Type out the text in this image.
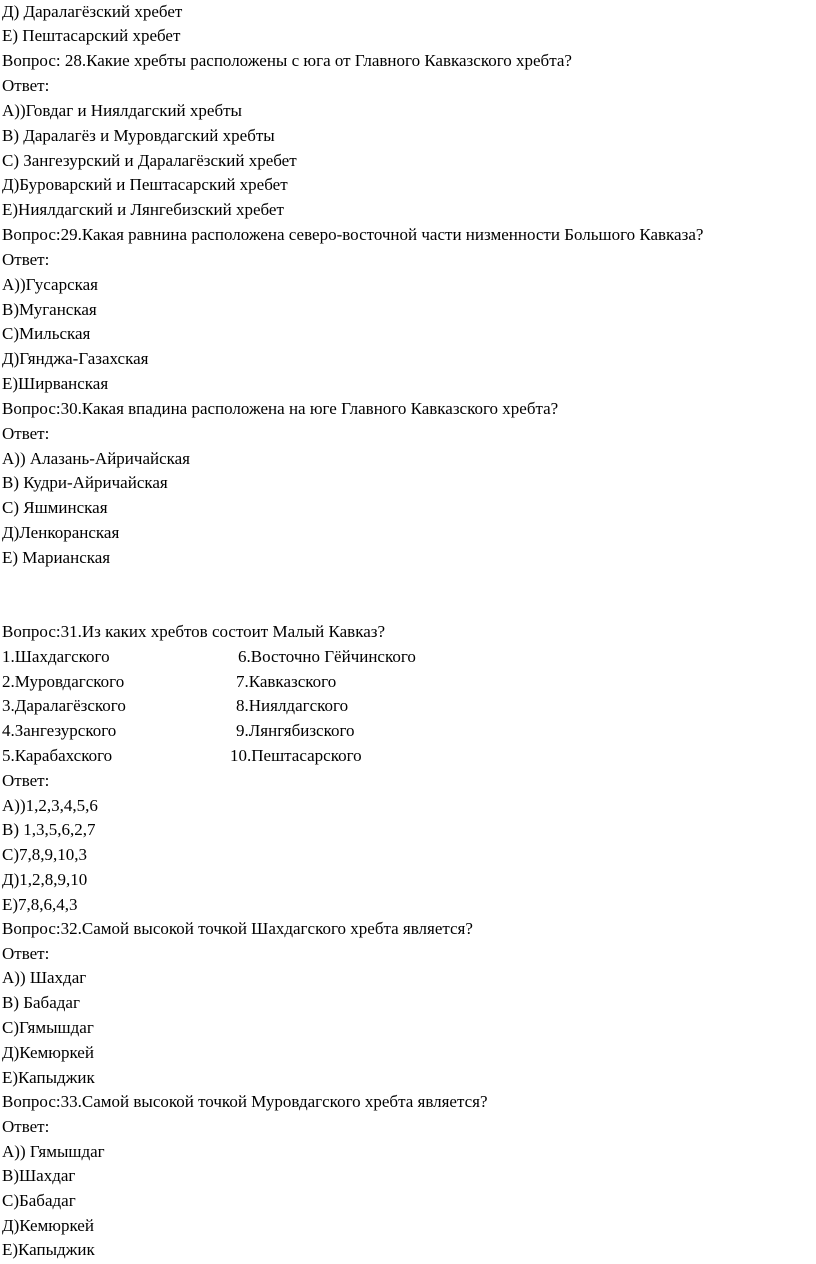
Д) Даралагёзский хребет
Е) Пештасарский хребет
Вопрос: 28.Какие хребты расположены с юга от Главного Кавказского хребта?
Ответ:
А))Говдаг и Ниялдагский хребты
В) Даралагёз и Муровдагский хребты
С) Зангезурский и Даралагёзский хребет
Д)Буроварский и Пештасарский хребет
Е)Ниялдагский и Лянгебизский хребет
Вопрос:29.Какая равнина расположена северо-восточной части низменности Большого Кавказа?
Ответ:
А))Гусарская
В)Муганская
С)Мильская
Д)Гянджа-Газахская
Е)Ширванская
Вопрос:30.Какая впадина расположена на юге Главного Кавказского хребта?
Ответ:
А)) Алазань-Айричайская
В) Кудри-Айричайская
С) Яшминская
Д)Ленкоранская
Е) Марианская
Вопрос:31.Из каких хребтов состоит Малый Кавказ?
1.Шахдагского	6.Восточно Гёйчинского
2.Муровдагского	7.Кавказского
3.Даралагёзского	8.Ниялдагского
4.Зангезурского	9.Лянгябизского
5.Карабахского	10.Пештасарского
Ответ:
А))1,2,3,4,5,6
В) 1,3,5,6,2,7
С)7,8,9,10,3
Д)1,2,8,9,10
Е)7,8,6,4,3
Вопрос:32.Самой высокой точкой Шахдагского хребта является?
Ответ:
А)) Шахдаг
В) Бабадаг
С)Гямышдаг
Д)Кемюркей
Е)Капыджик
Вопрос:33.Самой высокой точкой Муровдагского хребта является?
Ответ:
А)) Гямышдаг
В)Шахдаг
С)Бабадаг
Д)Кемюркей
Е)Капыджик
